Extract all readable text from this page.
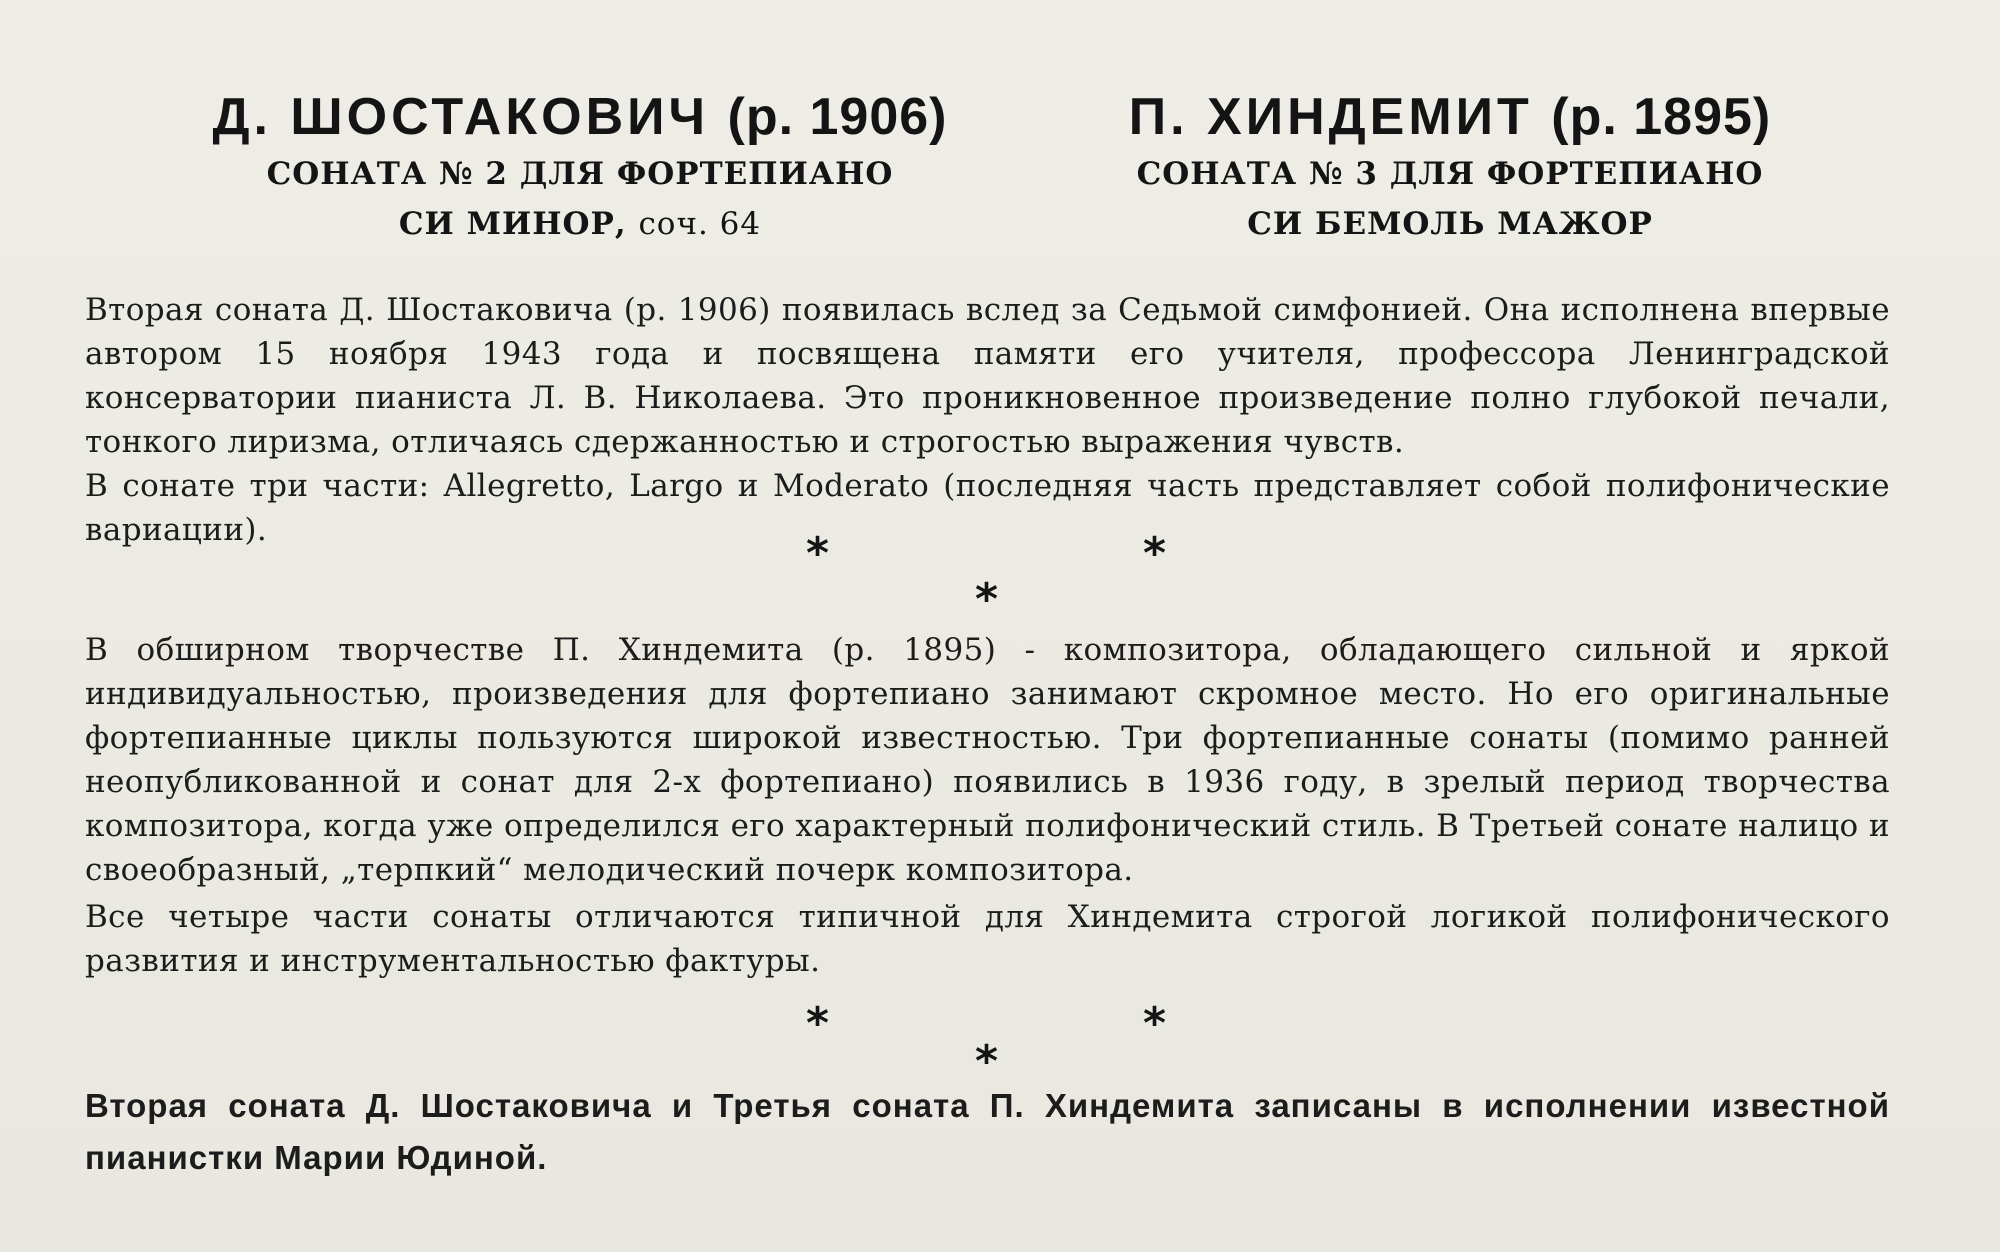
Д. ШОСТАКОВИЧ (р. 1906)
СОНАТА № 2 ДЛЯ ФОРТЕПИАНО
СИ МИНОР, соч. 64
П. ХИНДЕМИТ (р. 1895)
СОНАТА № 3 ДЛЯ ФОРТЕПИАНО
СИ БЕМОЛЬ МАЖОР

Вторая соната Д. Шостаковича (р. 1906) появилась вслед за Седьмой симфонией. Она исполнена впервые автором 15 ноября 1943 года и посвящена памяти его учителя, профессора Ленинградской консерватории пианиста Л. В. Николаева. Это проникновенное произведение полно глубокой печали, тонкого лиризма, отличаясь сдержанностью и строгостью выражения чувств.

В сонате три части: Allegretto, Largo и Moderato (последняя часть представляет собой полифонические вариации).	*	*
*

В обширном творчестве П. Хиндемита (р. 1895) - композитора, обладающего сильной и яркой индивидуальностью, произведения для фортепиано занимают скромное место. Но его оригинальные фортепианные циклы пользуются широкой известностью. Три фортепианные сонаты (помимо ранней неопубликованной и сонат для 2-х фортепиано) появились в 1936 году, в зрелый период творчества композитора, когда уже определился его характерный полифонический стиль. В Третьей сонате налицо и своеобразный, „терпкий“ мелодический почерк композитора.

Все четыре части сонаты отличаются типичной для Хиндемита строгой логикой полифонического развития и инструментальностью фактуры.

*	*
*

Вторая соната Д. Шостаковича и Третья соната П. Хиндемита записаны в исполнении известной пианистки Марии Юдиной.
